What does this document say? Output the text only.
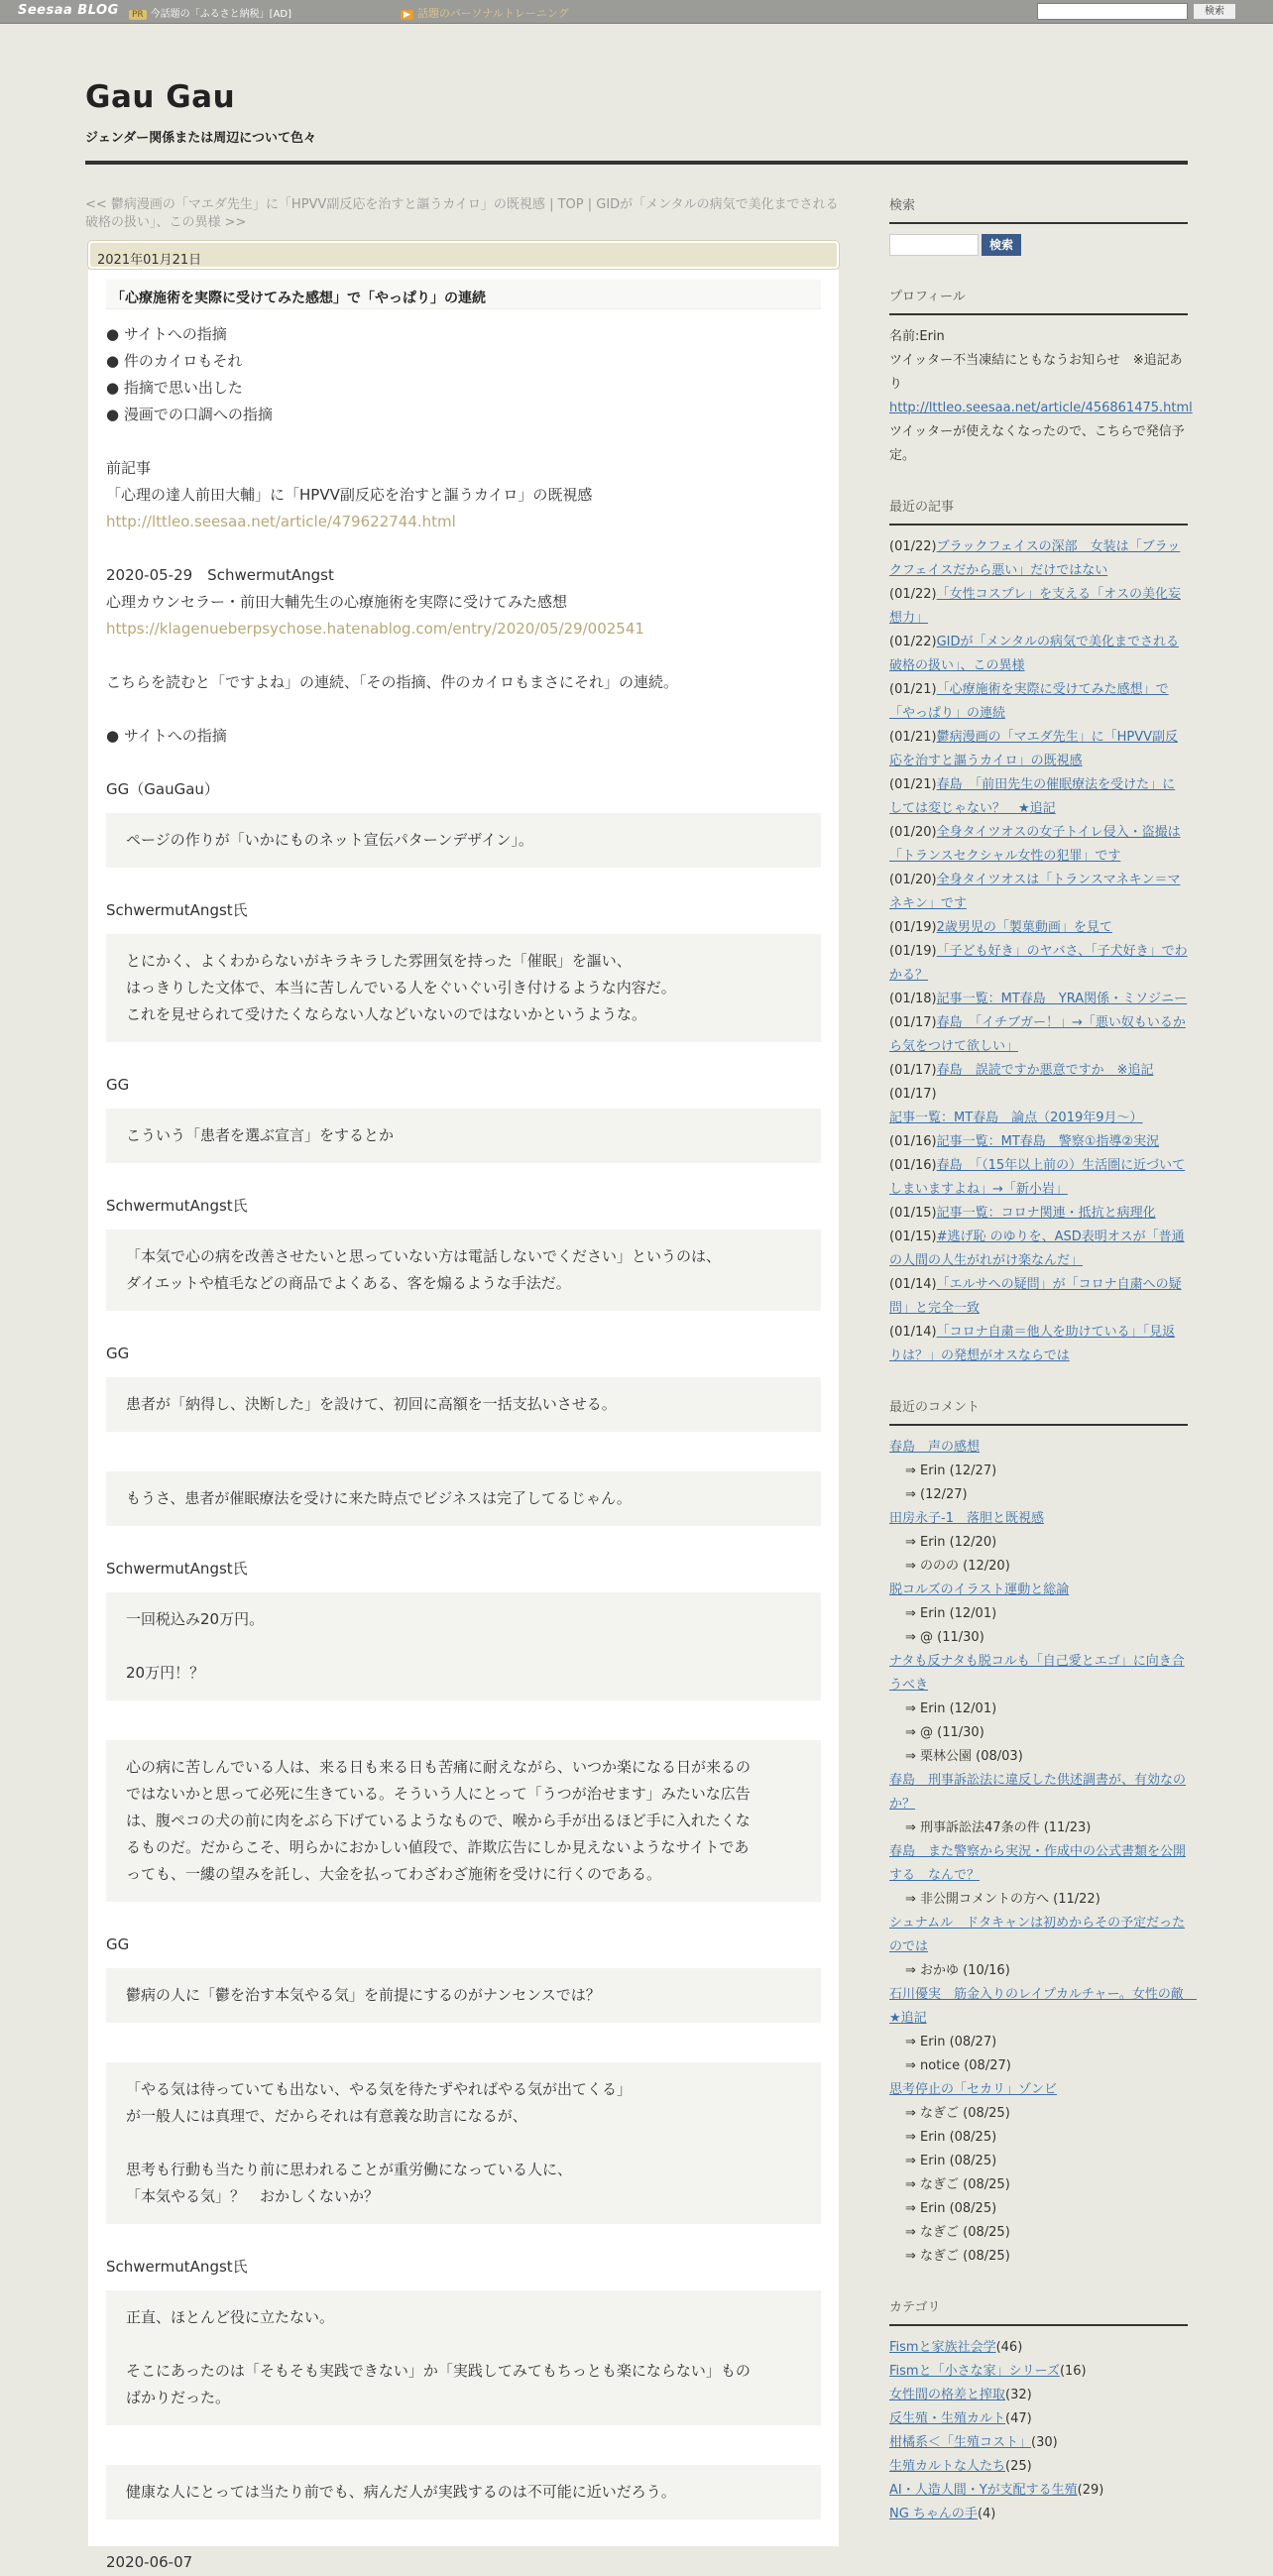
Seesaa BLOG	PR 今話題の「ふるさと納税」[AD]	▶ 話題のパーソナルトレーニング	検索
Gau Gau
ジェンダー関係または周辺について色々
<< 鬱病漫画の「マエダ先生」に「HPVV副反応を治すと謳うカイロ」の既視感 | TOP | GIDが「メンタルの病気で美化までされる破格の扱い」、この異様 >>
2021年01月21日
「心療施術を実際に受けてみた感想」で「やっぱり」の連続
● サイトへの指摘
● 件のカイロもそれ
● 指摘で思い出した
● 漫画での口調への指摘
前記事
「心理の達人前田大輔」に「HPVV副反応を治すと謳うカイロ」の既視感
http://lttleo.seesaa.net/article/479622744.html
2020-05-29　SchwermutAngst
心理カウンセラー・前田大輔先生の心療施術を実際に受けてみた感想
https://klagenueberpsychose.hatenablog.com/entry/2020/05/29/002541
こちらを読むと「ですよね」の連続、「その指摘、件のカイロもまさにそれ」の連続。
● サイトへの指摘
GG（GauGau）
ページの作りが「いかにものネット宣伝パターンデザイン」。
SchwermutAngst氏
とにかく、よくわからないがキラキラした雰囲気を持った「催眠」を謳い、
はっきりした文体で、本当に苦しんでいる人をぐいぐい引き付けるような内容だ。
これを見せられて受けたくならない人などいないのではないかというような。
GG
こういう「患者を選ぶ宣言」をするとか
SchwermutAngst氏
「本気で心の病を改善させたいと思っていない方は電話しないでください」というのは、
ダイエットや植毛などの商品でよくある、客を煽るような手法だ。
GG
患者が「納得し、決断した」を設けて、初回に高額を一括支払いさせる。
もうさ、患者が催眠療法を受けに来た時点でビジネスは完了してるじゃん。
SchwermutAngst氏
一回税込み20万円。
20万円！？
心の病に苦しんでいる人は、来る日も来る日も苦痛に耐えながら、いつか楽になる日が来るの
ではないかと思って必死に生きている。そういう人にとって「うつが治せます」みたいな広告
は、腹ペコの犬の前に肉をぶら下げているようなもので、喉から手が出るほど手に入れたくな
るものだ。だからこそ、明らかにおかしい値段で、詐欺広告にしか見えないようなサイトであ
っても、一縷の望みを託し、大金を払ってわざわざ施術を受けに行くのである。
GG
鬱病の人に「鬱を治す本気やる気」を前提にするのがナンセンスでは？
「やる気は待っていても出ない、やる気を待たずやればやる気が出てくる」
が一般人には真理で、だからそれは有意義な助言になるが、
思考も行動も当たり前に思われることが重労働になっている人に、
「本気やる気」？　おかしくないか？
SchwermutAngst氏
正直、ほとんど役に立たない。
そこにあったのは「そもそも実践できない」か「実践してみてもちっとも楽にならない」もの
ばかりだった。
健康な人にとっては当たり前でも、病んだ人が実践するのは不可能に近いだろう。
2020-06-07
検索
検索
プロフィール
名前:Erin
ツイッター不当凍結にともなうお知らせ　※追記あり
http://lttleo.seesaa.net/article/456861475.html
ツイッターが使えなくなったので、こちらで発信予定。
最近の記事
(01/22)ブラックフェイスの深部　女装は「ブラックフェイスだから悪い」だけではない
(01/22)「女性コスプレ」を支える「オスの美化妄想力」
(01/22)GIDが「メンタルの病気で美化までされる破格の扱い」、この異様
(01/21)「心療施術を実際に受けてみた感想」で「やっぱり」の連続
(01/21)鬱病漫画の「マエダ先生」に「HPVV副反応を治すと謳うカイロ」の既視感
(01/21)春島　「前田先生の催眠療法を受けた」にしては変じゃない？　★追記
(01/20)全身タイツオスの女子トイレ侵入・盗撮は「トランスセクシャル女性の犯罪」です
(01/20)全身タイツオスは「トランスマネキン＝マネキン」です
(01/19)2歳男児の「製菓動画」を見て
(01/19)「子ども好き」のヤバさ、「子犬好き」でわかる？
(01/18)記事一覧：MT春島　YRA関係・ミソジニー
(01/17)春島　「イチブガー！」→「悪い奴もいるから気をつけて欲しい」
(01/17)春島　誤読ですか悪意ですか　※追記
(01/17)記事一覧：MT春島　論点（2019年9月〜）
(01/16)記事一覧：MT春島　警察①指導②実況
(01/16)春島　「（15年以上前の）生活圏に近づいてしまいますよね」→「新小岩」
(01/15)記事一覧：コロナ関連・抵抗と病理化
(01/15)#逃げ恥 のゆりを、ASD表明オスが「普通の人間の人生がれがけ楽なんだ」
(01/14)「エルサへの疑問」が「コロナ自粛への疑問」と完全一致
(01/14)「コロナ自粛＝他人を助けている」「見返りは？」の発想がオスならでは
最近のコメント
春島　声の感想
⇒ Erin (12/27)
⇒ (12/27)
田房永子-1　落胆と既視感
⇒ Erin (12/20)
⇒ ののの (12/20)
脱コルズのイラスト運動と総論
⇒ Erin (12/01)
⇒ @ (11/30)
ナタも反ナタも脱コルも「自己愛とエゴ」に向き合うべき
⇒ Erin (12/01)
⇒ @ (11/30)
⇒ 栗林公園 (08/03)
春島　刑事訴訟法に違反した供述調書が、有効なのか？
⇒ 刑事訴訟法47条の件 (11/23)
春島　また警察から実況・作成中の公式書類を公開する　なんで？
⇒ 非公開コメントの方へ (11/22)
シュナムル　ドタキャンは初めからその予定だったのでは
⇒ おかゆ (10/16)
石川優実　筋金入りのレイプカルチャー。女性の敵　★追記
⇒ Erin (08/27)
⇒ notice (08/27)
思考停止の「セカリ」ゾンビ
⇒ なぎご (08/25)
⇒ Erin (08/25)
⇒ Erin (08/25)
⇒ なぎご (08/25)
⇒ Erin (08/25)
⇒ なぎご (08/25)
⇒ なぎご (08/25)
カテゴリ
Fismと家族社会学(46)
Fismと「小さな家」シリーズ(16)
女性間の格差と搾取(32)
反生殖・生殖カルト(47)
柑橘系＜「生殖コスト」(30)
生殖カルトな人たち(25)
AI・人造人間・Yが支配する生殖(29)
NG ちゃんの手(4)
